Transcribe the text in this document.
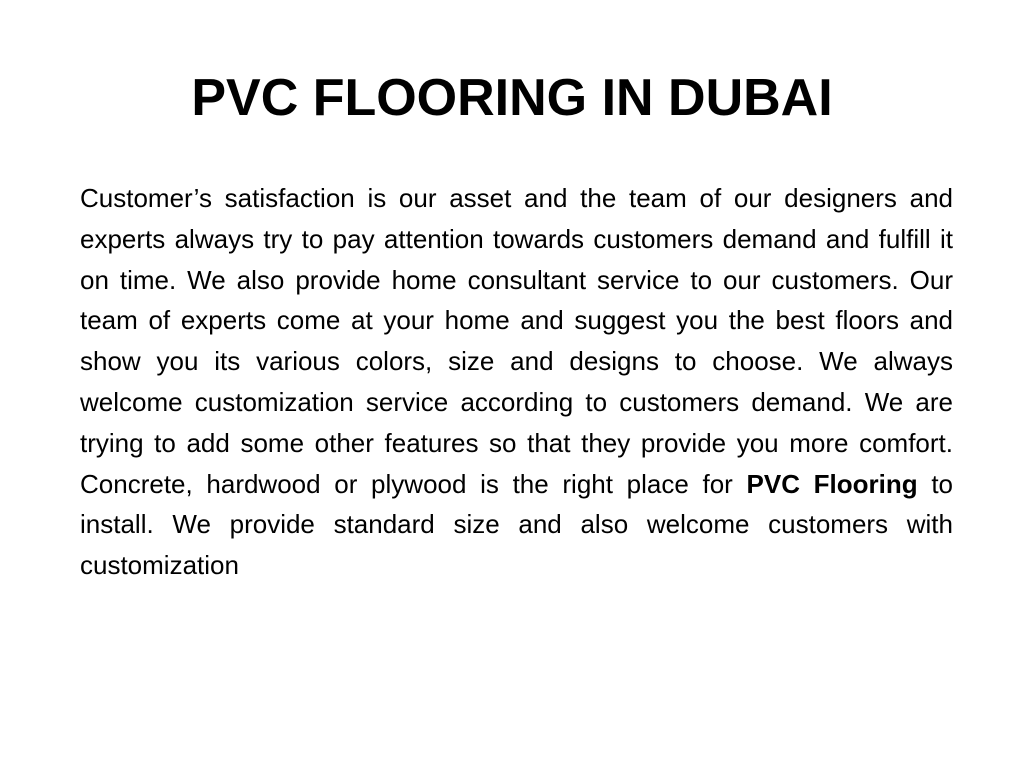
PVC FLOORING IN DUBAI

Customer’s satisfaction is our asset and the team of our designers and experts always try to pay attention towards customers demand and fulfill it on time. We also provide home consultant service to our customers. Our team of experts come at your home and suggest you the best floors and show you its various colors, size and designs to choose. We always welcome customization service according to customers demand. We are trying to add some other features so that they provide you more comfort. Concrete, hardwood or plywood is the right place for PVC Flooring to install. We provide standard size and also welcome customers with customization
